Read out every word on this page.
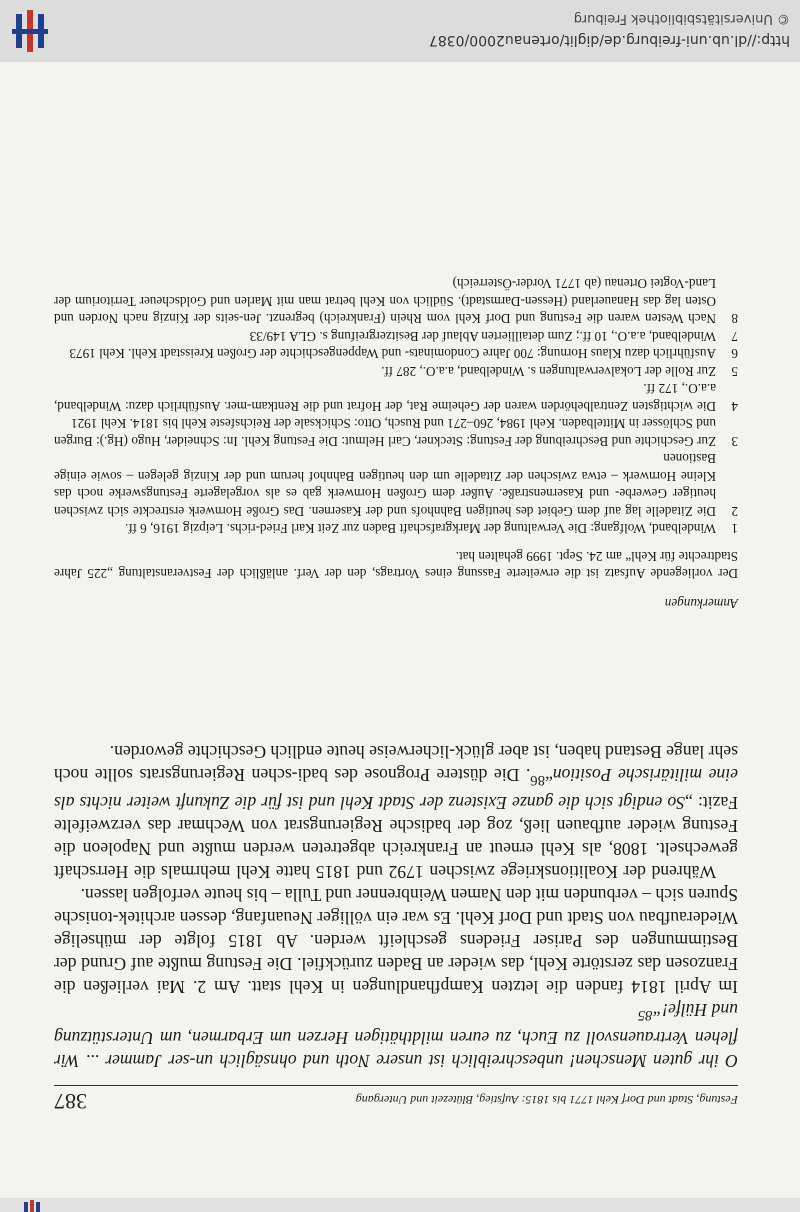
Festung, Stadt und Dorf Kehl 1771 bis 1815: Aufstieg, Blütezeit und Untergang
387

O ihr guten Menschen! unbeschreiblich ist unsere Noth und ohnsäglich un-ser Jammer ... Wir flehen Vertrauensvoll zu Euch, zu euren mildthätigen Herzen um Erbarmen, um Unterstützung und Hülfe!“$^{85}$

Im April 1814 fanden die letzten Kampfhandlungen in Kehl statt. Am 2. Mai verließen die Franzosen das zerstörte Kehl, das wieder an Baden zurückfiel. Die Festung mußte auf Grund der Bestimmungen des Pariser Friedens geschleift werden. Ab 1815 folgte der mühselige Wiederaufbau von Stadt und Dorf Kehl. Es war ein völliger Neuanfang, dessen architek-tonische Spuren sich – verbunden mit den Namen Weinbrenner und Tulla – bis heute verfolgen lassen.

Während der Koalitionskriege zwischen 1792 und 1815 hatte Kehl mehrmals die Herrschaft gewechselt. 1808, als Kehl erneut an Frankreich abgetreten werden mußte und Napoleon die Festung wieder aufbauen ließ, zog der badische Regierungsrat von Wechmar das verzweifelte Fazit: „So endigt sich die ganze Existenz der Stadt Kehl und ist für die Zukunft weiter nichts als eine militärische Position“$^{86}$. Die düstere Prognose des badi-schen Regierungsrats sollte noch sehr lange Bestand haben, ist aber glück-licherweise heute endlich Geschichte geworden.

Anmerkungen
Der vorliegende Aufsatz ist die erweiterte Fassung eines Vortrags, den der Verf. anläßlich der Festveranstaltung „225 Jahre Stadtrechte für Kehl“ am 24. Sept. 1999 gehalten hat.
1
Windelband, Wolfgang: Die Verwaltung der Markgrafschaft Baden zur Zeit Karl Fried-richs. Leipzig 1916, 6 ff.
2
Die Zitadelle lag auf dem Gebiet des heutigen Bahnhofs und der Kasernen. Das Große Hornwerk erstreckte sich zwischen heutiger Gewerbe- und Kasernenstraße. Außer dem Großen Hornwerk gab es als vorgelagerte Festungswerke noch das Kleine Hornwerk – etwa zwischen der Zitadelle um den heutigen Bahnhof herum und der Kinzig gelegen – sowie einige Bastionen
3
Zur Geschichte und Beschreibung der Festung: Steckner, Carl Helmut: Die Festung Kehl. In: Schneider, Hugo (Hg.): Burgen und Schlösser in Mittelbaden. Kehl 1984, 260–271 und Rusch, Otto: Schicksale der Reichsfeste Kehl bis 1814. Kehl 1921
4
Die wichtigsten Zentralbehörden waren der Geheime Rat, der Hofrat und die Rentkam-mer. Ausführlich dazu: Windelband, a.a.O., 172 ff.
5
Zur Rolle der Lokalverwaltungen s. Windelband, a.a.O., 287 ff.
6
Ausführlich dazu Klaus Hornung: 700 Jahre Condominats- und Wappengeschichte der Großen Kreisstadt Kehl. Kehl 1973
7
Windelband, a.a.O., 10 ff.; Zum detaillierten Ablauf der Besitzergreifung s. GLA 149/33
8
Nach Westen waren die Festung und Dorf Kehl vom Rhein (Frankreich) begrenzt. Jen-seits der Kinzig nach Norden und Osten lag das Hanauerland (Hessen-Darmstadt). Südlich von Kehl betrat man mit Marlen und Goldscheuer Territorium der Land-Vogtei Ortenau (ab 1771 Vorder-Österreich)
http://dl.ub.uni-freiburg.de/diglit/ortenau2000/0387
© Universitätsbibliothek Freiburg
